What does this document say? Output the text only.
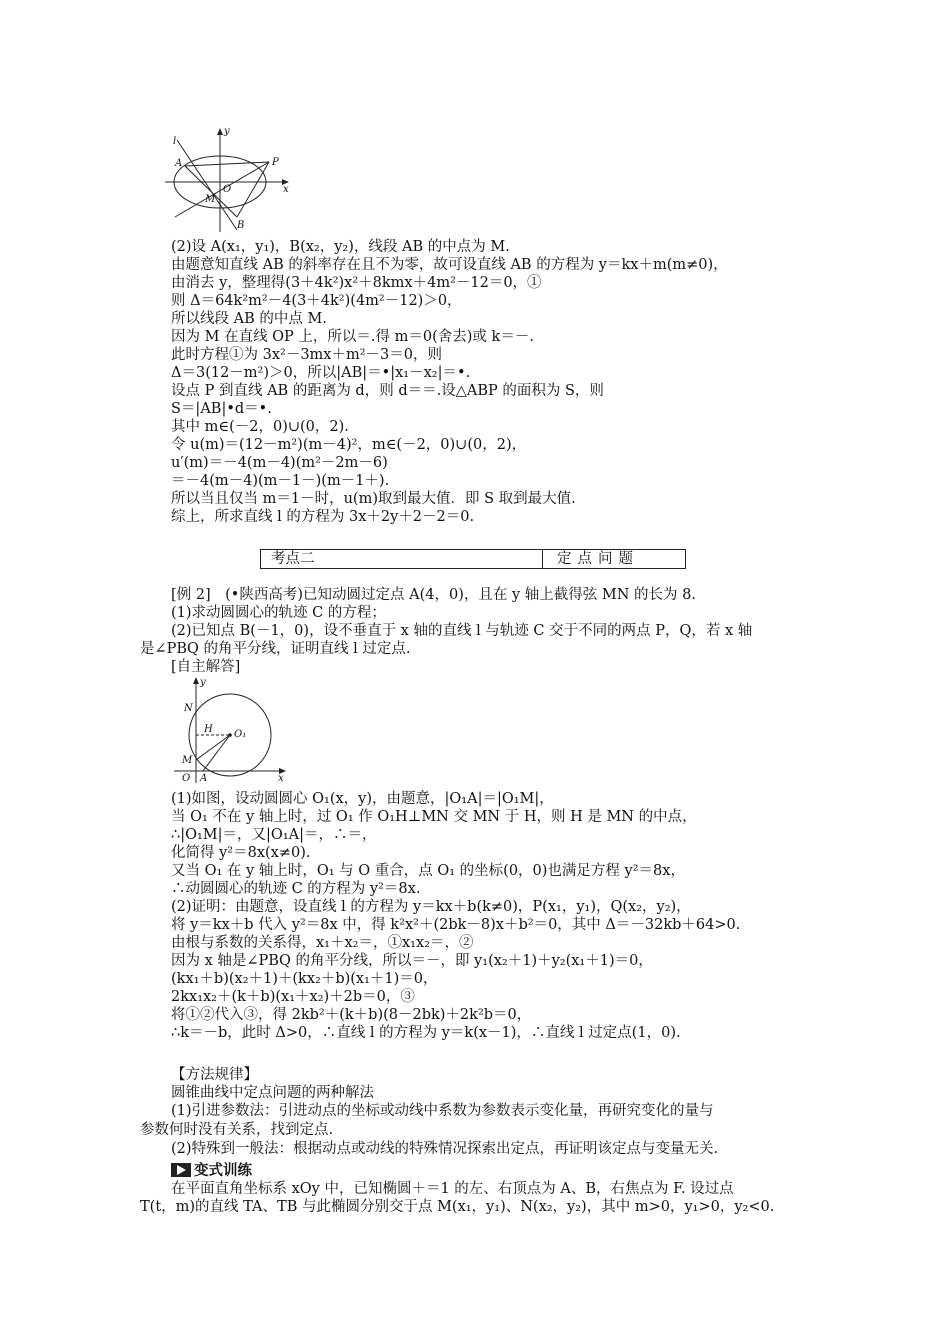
l
y
A	P
O	x
M
B
(2)设 A(x₁，y₁)，B(x₂，y₂)，线段 AB 的中点为 M.
由题意知直线 AB 的斜率存在且不为零，故可设直线 AB 的方程为 y＝kx＋m(m≠0)，
由消去 y，整理得(3＋4k²)x²＋8kmx＋4m²－12＝0，①
则 Δ＝64k²m²－4(3＋4k²)(4m²－12)＞0，
所以线段 AB 的中点 M.
因为 M 在直线 OP 上，所以＝.得 m＝0(舍去)或 k＝－.
此时方程①为 3x²－3mx＋m²－3＝0，则
Δ＝3(12－m²)＞0，所以|AB|＝•|x₁－x₂|＝•.
设点 P 到直线 AB 的距离为 d，则 d＝＝.设△ABP 的面积为 S，则
S＝|AB|•d＝•.
其中 m∈(－2，0)∪(0，2).
令 u(m)＝(12－m²)(m－4)²，m∈(－2，0)∪(0，2)，
u′(m)＝－4(m－4)(m²－2m－6)
＝－4(m－4)(m－1－)(m－1＋).
所以当且仅当 m＝1－时，u(m)取到最大值．即 S 取到最大值.
综上，所求直线 l 的方程为 3x＋2y＋2－2＝0.
考点二	定点问题
[例 2]　(•陕西高考)已知动圆过定点 A(4，0)，且在 y 轴上截得弦 MN 的长为 8.
(1)求动圆圆心的轨迹 C 的方程；
(2)已知点 B(－1，0)，设不垂直于 x 轴的直线 l 与轨迹 C 交于不同的两点 P，Q，若 x 轴
是∠PBQ 的角平分线，证明直线 l 过定点.
[自主解答]
y
N
H O₁
M
O A	x
(1)如图，设动圆圆心 O₁(x，y)，由题意，|O₁A|＝|O₁M|，
当 O₁ 不在 y 轴上时，过 O₁ 作 O₁H⊥MN 交 MN 于 H，则 H 是 MN 的中点，
∴|O₁M|＝，又|O₁A|＝，∴＝，
化简得 y²＝8x(x≠0).
又当 O₁ 在 y 轴上时，O₁ 与 O 重合，点 O₁ 的坐标(0，0)也满足方程 y²＝8x，
∴动圆圆心的轨迹 C 的方程为 y²＝8x.
(2)证明：由题意，设直线 l 的方程为 y＝kx＋b(k≠0)，P(x₁，y₁)，Q(x₂，y₂)，
将 y＝kx＋b 代入 y²＝8x 中，得 k²x²＋(2bk－8)x＋b²＝0，其中 Δ＝－32kb＋64>0.
由根与系数的关系得，x₁＋x₂＝，①x₁x₂＝，②
因为 x 轴是∠PBQ 的角平分线，所以＝－，即 y₁(x₂＋1)＋y₂(x₁＋1)＝0，
(kx₁＋b)(x₂＋1)＋(kx₂＋b)(x₁＋1)＝0，
2kx₁x₂＋(k＋b)(x₁＋x₂)＋2b＝0，③
将①②代入③，得 2kb²＋(k＋b)(8－2bk)＋2k²b＝0，
∴k＝－b，此时 Δ>0，∴直线 l 的方程为 y＝k(x－1)，∴直线 l 过定点(1，0).
【方法规律】
圆锥曲线中定点问题的两种解法
(1)引进参数法：引进动点的坐标或动线中系数为参数表示变化量，再研究变化的量与
参数何时没有关系，找到定点.
(2)特殊到一般法：根据动点或动线的特殊情况探索出定点，再证明该定点与变量无关.
变式训练
在平面直角坐标系 xOy 中，已知椭圆＋＝1 的左、右顶点为 A、B，右焦点为 F. 设过点
T(t，m)的直线 TA、TB 与此椭圆分别交于点 M(x₁，y₁)、N(x₂，y₂)，其中 m>0，y₁>0，y₂<0.
